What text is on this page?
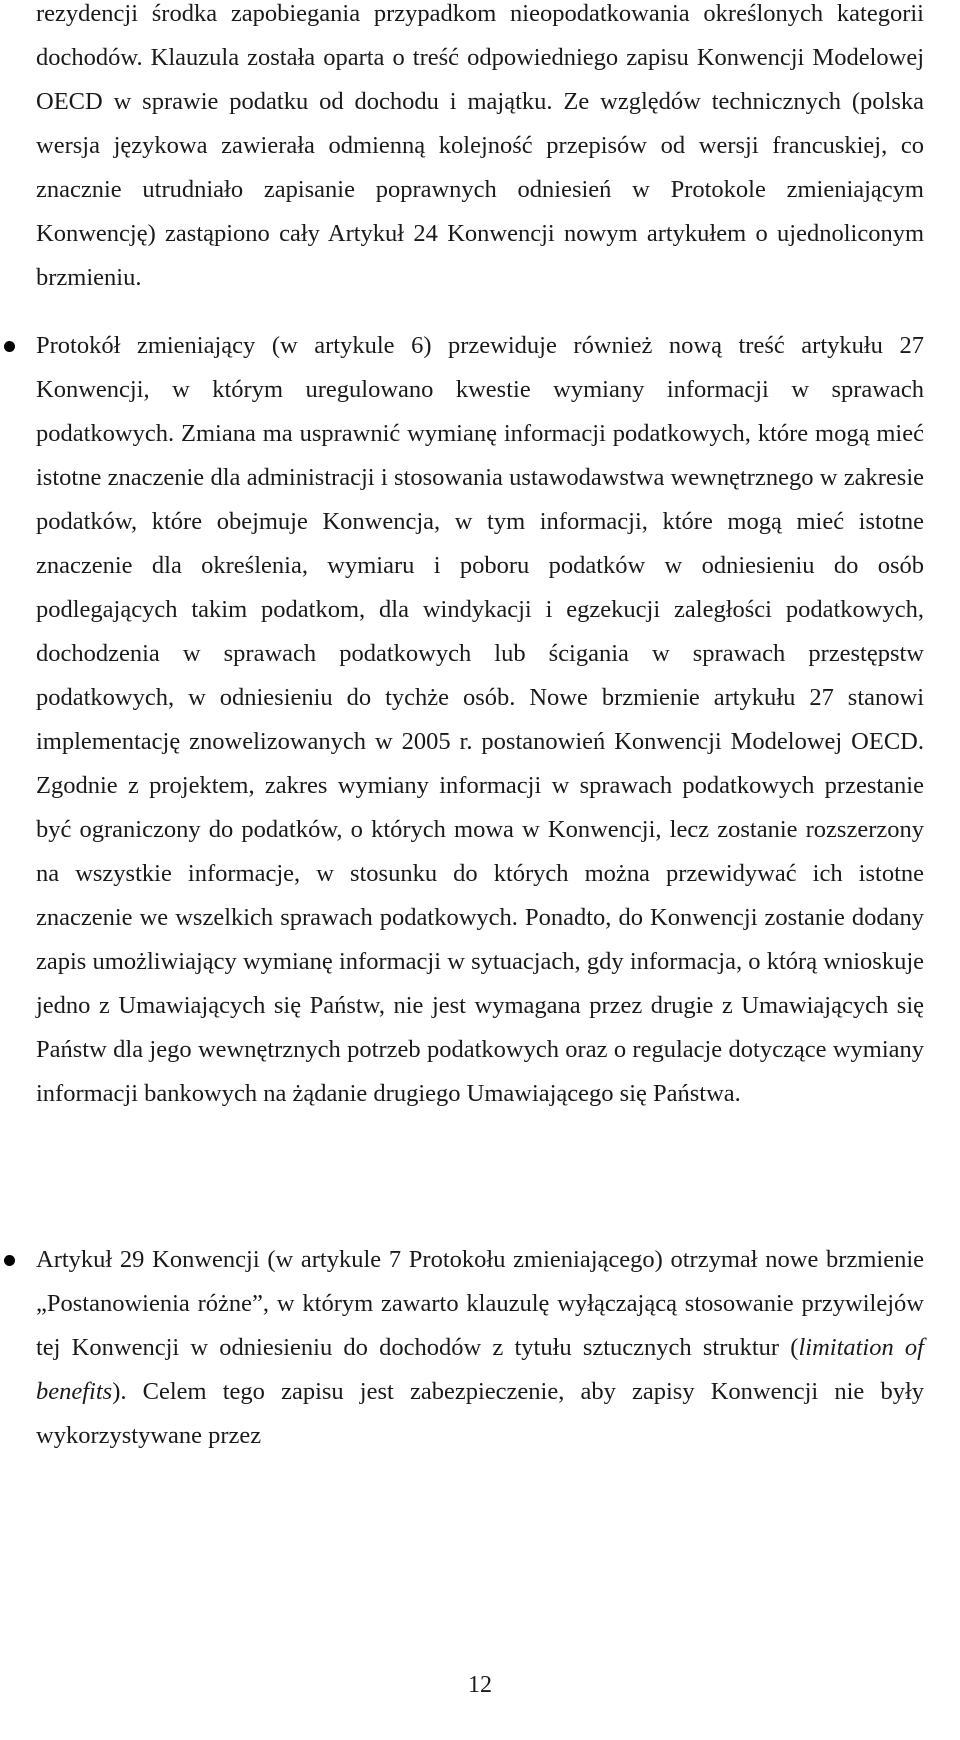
rezydencji środka zapobiegania przypadkom nieopodatkowania określonych kategorii dochodów. Klauzula została oparta o treść odpowiedniego zapisu Konwencji Modelowej OECD w sprawie podatku od dochodu i majątku. Ze względów technicznych (polska wersja językowa zawierała odmienną kolejność przepisów od wersji francuskiej, co znacznie utrudniało zapisanie poprawnych odniesień w Protokole zmieniającym Konwencję) zastąpiono cały Artykuł 24 Konwencji nowym artykułem o ujednoliconym brzmieniu.

Protokół zmieniający (w artykule 6) przewiduje również nową treść artykułu 27 Konwencji, w którym uregulowano kwestie wymiany informacji w sprawach podatkowych. Zmiana ma usprawnić wymianę informacji podatkowych, które mogą mieć istotne znaczenie dla administracji i stosowania ustawodawstwa wewnętrznego w zakresie podatków, które obejmuje Konwencja, w tym informacji, które mogą mieć istotne znaczenie dla określenia, wymiaru i poboru podatków w odniesieniu do osób podlegających takim podatkom, dla windykacji i egzekucji zaległości podatkowych, dochodzenia w sprawach podatkowych lub ścigania w sprawach przestępstw podatkowych, w odniesieniu do tychże osób. Nowe brzmienie artykułu 27 stanowi implementację znowelizowanych w 2005 r. postanowień Konwencji Modelowej OECD. Zgodnie z projektem, zakres wymiany informacji w sprawach podatkowych przestanie być ograniczony do podatków, o których mowa w Konwencji, lecz zostanie rozszerzony na wszystkie informacje, w stosunku do których można przewidywać ich istotne znaczenie we wszelkich sprawach podatkowych. Ponadto, do Konwencji zostanie dodany zapis umożliwiający wymianę informacji w sytuacjach, gdy informacja, o którą wnioskuje jedno z Umawiających się Państw, nie jest wymagana przez drugie z Umawiających się Państw dla jego wewnętrznych potrzeb podatkowych oraz o regulacje dotyczące wymiany informacji bankowych na żądanie drugiego Umawiającego się Państwa.

Artykuł 29 Konwencji (w artykule 7 Protokołu zmieniającego) otrzymał nowe brzmienie „Postanowienia różne”, w którym zawarto klauzulę wyłączającą stosowanie przywilejów tej Konwencji w odniesieniu do dochodów z tytułu sztucznych struktur (limitation of benefits). Celem tego zapisu jest zabezpieczenie, aby zapisy Konwencji nie były wykorzystywane przez

12
